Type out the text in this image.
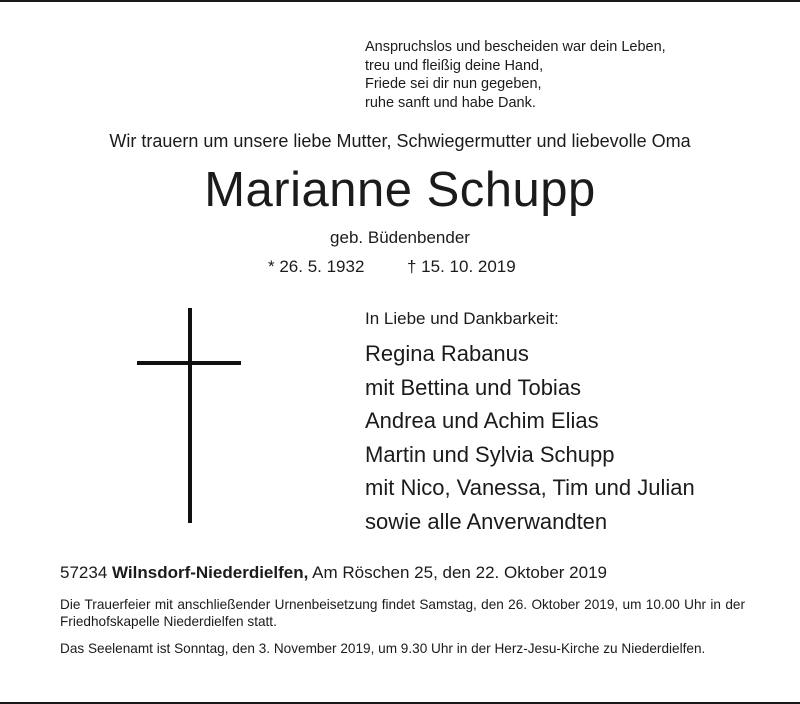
Anspruchslos und bescheiden war dein Leben,
treu und fleißig deine Hand,
Friede sei dir nun gegeben,
ruhe sanft und habe Dank.
Wir trauern um unsere liebe Mutter, Schwiegermutter und liebevolle Oma
Marianne Schupp
geb. Büdenbender
* 26. 5. 1932	† 15. 10. 2019
In Liebe und Dankbarkeit:
Regina Rabanus
mit Bettina und Tobias
Andrea und Achim Elias
Martin und Sylvia Schupp
mit Nico, Vanessa, Tim und Julian
sowie alle Anverwandten
57234 Wilnsdorf-Niederdielfen, Am Röschen 25, den 22. Oktober 2019
Die Trauerfeier mit anschließender Urnenbeisetzung findet Samstag, den 26. Oktober 2019, um 10.00 Uhr in der Friedhofskapelle Niederdielfen statt.
Das Seelenamt ist Sonntag, den 3. November 2019, um 9.30 Uhr in der Herz-Jesu-Kirche zu Niederdielfen.
